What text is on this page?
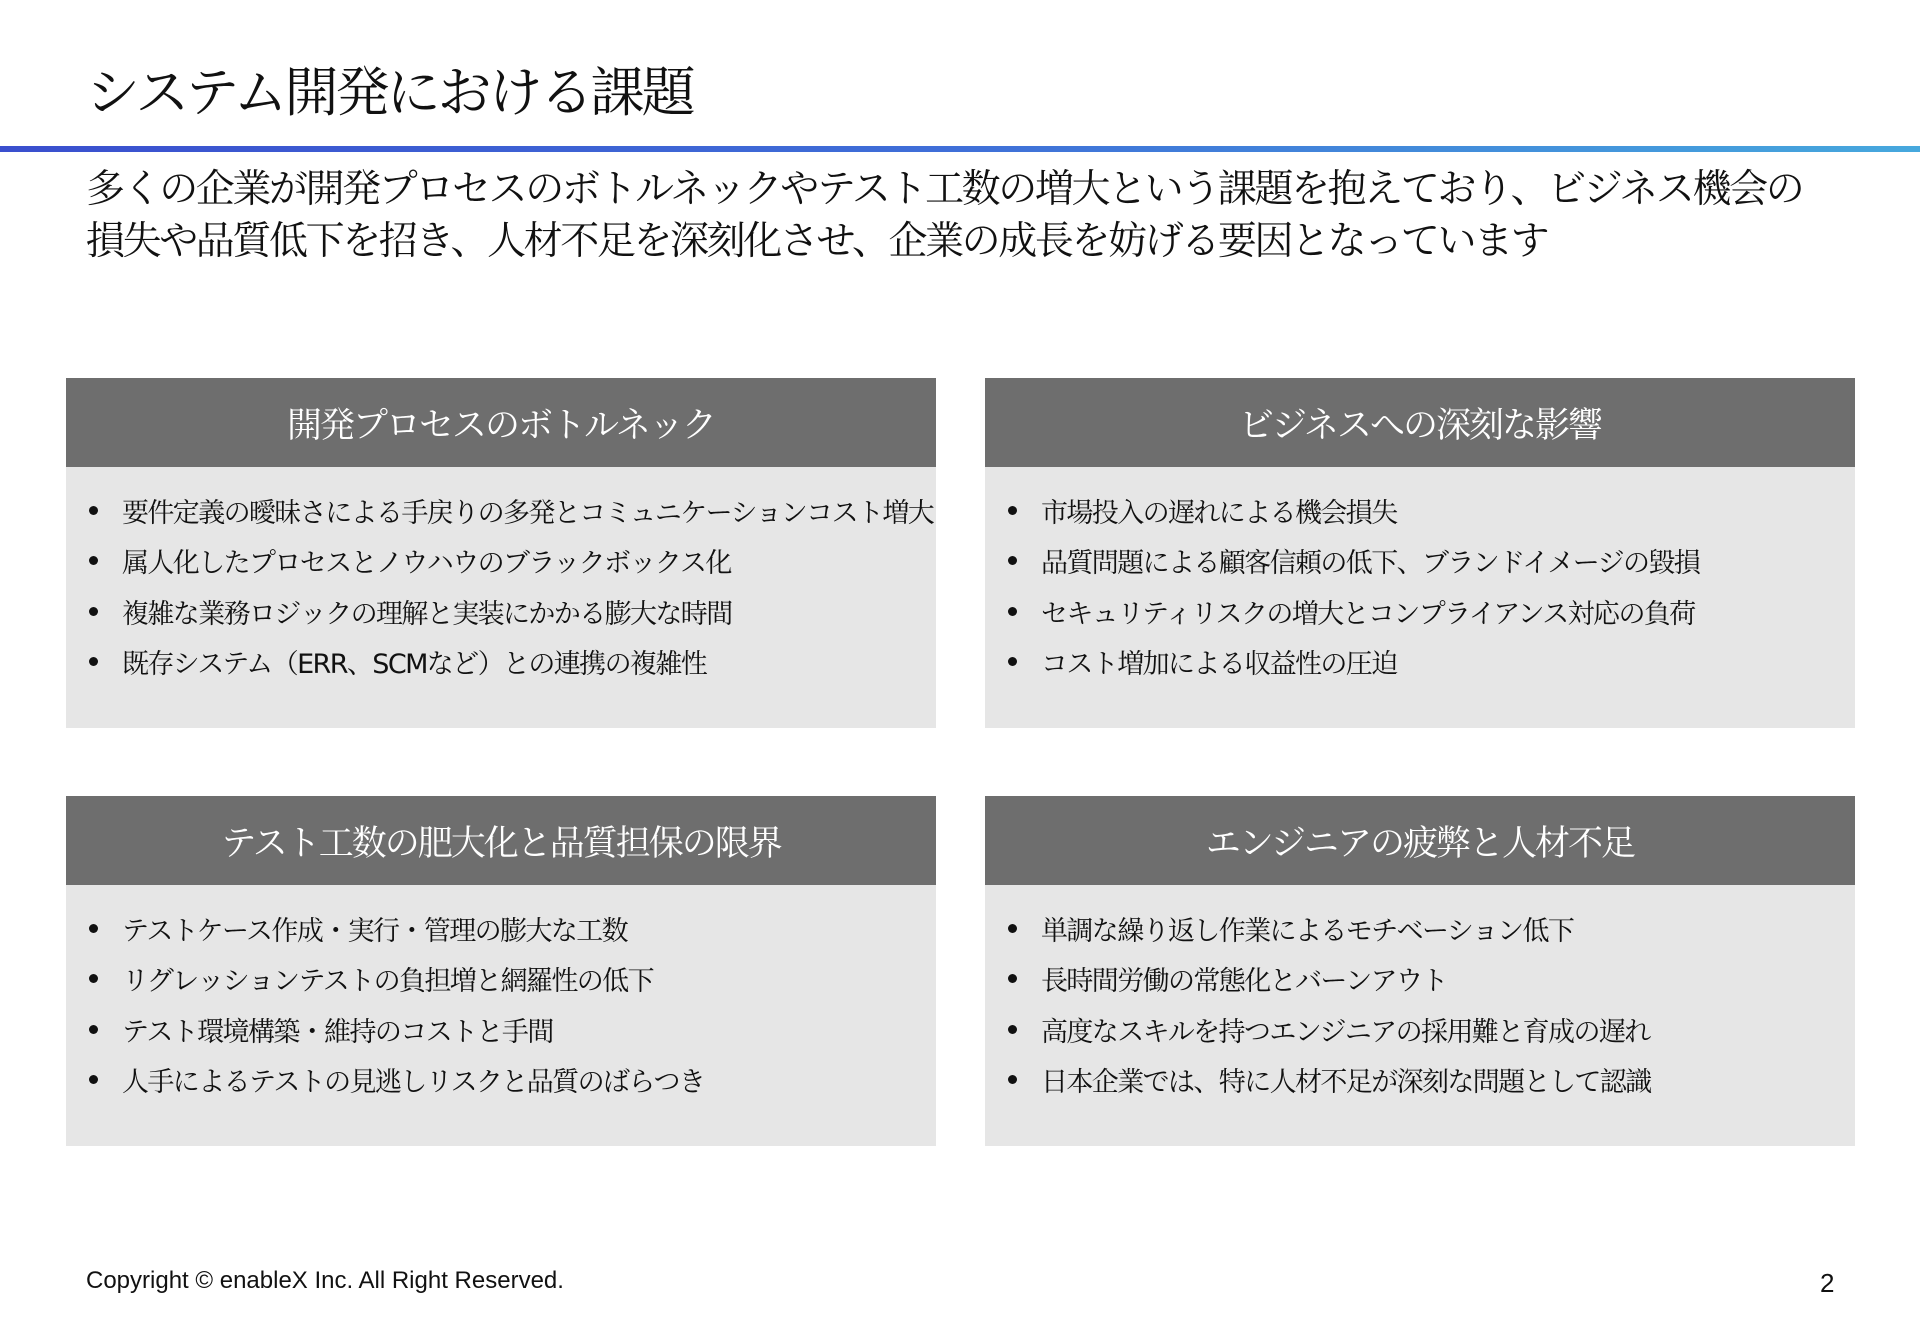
システム開発における課題
多くの企業が開発プロセスのボトルネックやテスト工数の増大という課題を抱えており、ビジネス機会の
損失や品質低下を招き、人材不足を深刻化させ、企業の成長を妨げる要因となっています
開発プロセスのボトルネック
要件定義の曖昧さによる手戻りの多発とコミュニケーションコスト増大
属人化したプロセスとノウハウのブラックボックス化
複雑な業務ロジックの理解と実装にかかる膨大な時間
既存システム（ERR、SCMなど）との連携の複雑性
ビジネスへの深刻な影響
市場投入の遅れによる機会損失
品質問題による顧客信頼の低下、ブランドイメージの毀損
セキュリティリスクの増大とコンプライアンス対応の負荷
コスト増加による収益性の圧迫
テスト工数の肥大化と品質担保の限界
テストケース作成・実行・管理の膨大な工数
リグレッションテストの負担増と網羅性の低下
テスト環境構築・維持のコストと手間
人手によるテストの見逃しリスクと品質のばらつき
エンジニアの疲弊と人材不足
単調な繰り返し作業によるモチベーション低下
長時間労働の常態化とバーンアウト
高度なスキルを持つエンジニアの採用難と育成の遅れ
日本企業では、特に人材不足が深刻な問題として認識
Copyright © enableX Inc. All Right Reserved.	2
